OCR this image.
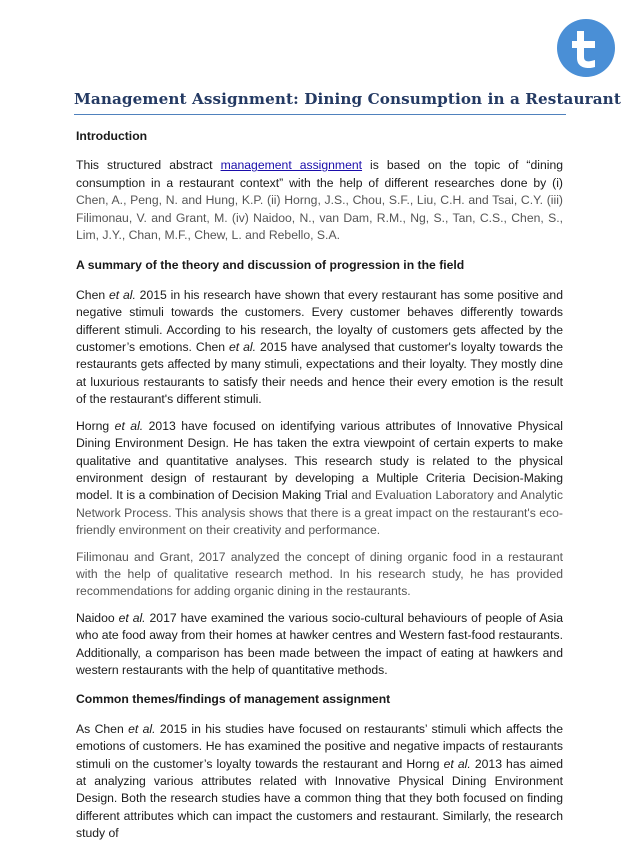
Management Assignment: Dining Consumption in a Restaurant
Introduction

This structured abstract management assignment is based on the topic of “dining consumption in a restaurant context” with the help of different researches done by (i) Chen, A., Peng, N. and Hung, K.P. (ii) Horng, J.S., Chou, S.F., Liu, C.H. and Tsai, C.Y. (iii) Filimonau, V. and Grant, M. (iv) Naidoo, N., van Dam, R.M., Ng, S., Tan, C.S., Chen, S., Lim, J.Y., Chan, M.F., Chew, L. and Rebello, S.A.

A summary of the theory and discussion of progression in the field

Chen et al. 2015 in his research have shown that every restaurant has some positive and negative stimuli towards the customers. Every customer behaves differently towards different stimuli. According to his research, the loyalty of customers gets affected by the customer’s emotions. Chen et al. 2015 have analysed that customer's loyalty towards the restaurants gets affected by many stimuli, expectations and their loyalty. They mostly dine at luxurious restaurants to satisfy their needs and hence their every emotion is the result of the restaurant's different stimuli.

Horng et al. 2013 have focused on identifying various attributes of Innovative Physical Dining Environment Design. He has taken the extra viewpoint of certain experts to make qualitative and quantitative analyses. This research study is related to the physical environment design of restaurant by developing a Multiple Criteria Decision-Making model. It is a combination of Decision Making Trial and Evaluation Laboratory and Analytic Network Process. This analysis shows that there is a great impact on the restaurant's eco-friendly environment on their creativity and performance.

Filimonau and Grant, 2017 analyzed the concept of dining organic food in a restaurant with the help of qualitative research method. In his research study, he has provided recommendations for adding organic dining in the restaurants.

Naidoo et al. 2017 have examined the various socio-cultural behaviours of people of Asia who ate food away from their homes at hawker centres and Western fast-food restaurants. Additionally, a comparison has been made between the impact of eating at hawkers and western restaurants with the help of quantitative methods.

Common themes/findings of management assignment

As Chen et al. 2015 in his studies have focused on restaurants’ stimuli which affects the emotions of customers. He has examined the positive and negative impacts of restaurants stimuli on the customer’s loyalty towards the restaurant and Horng et al. 2013 has aimed at analyzing various attributes related with Innovative Physical Dining Environment Design. Both the research studies have a common thing that they both focused on finding different attributes which can impact the customers and restaurant. Similarly, the research study of
